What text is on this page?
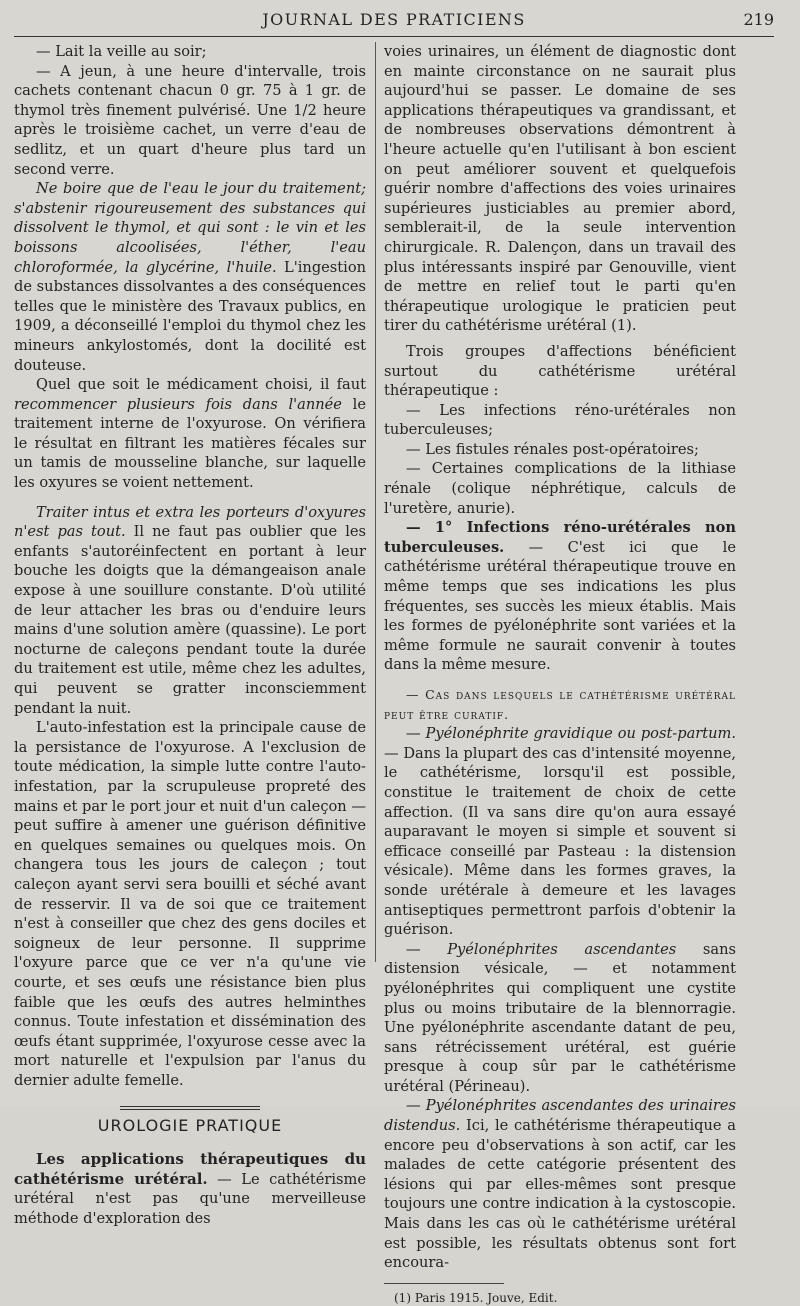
JOURNAL DES PRATICIENS	219

— Lait la veille au soir;

— A jeun, à une heure d'intervalle, trois cachets contenant chacun 0 gr. 75 à 1 gr. de thymol très finement pulvérisé. Une 1/2 heure après le troisième cachet, un verre d'eau de sedlitz, et un quart d'heure plus tard un second verre.

Ne boire que de l'eau le jour du traitement; s'abstenir rigoureusement des substances qui dissolvent le thymol, et qui sont : le vin et les boissons alcoolisées, l'éther, l'eau chloroformée, la glycérine, l'huile. L'ingestion de substances dissolvantes a des conséquences telles que le ministère des Travaux publics, en 1909, a déconseillé l'emploi du thymol chez les mineurs ankylostomés, dont la docilité est douteuse.

Quel que soit le médicament choisi, il faut recommencer plusieurs fois dans l'année le traitement interne de l'oxyurose. On vérifiera le résultat en filtrant les matières fécales sur un tamis de mousseline blanche, sur laquelle les oxyures se voient nettement.

Traiter intus et extra les porteurs d'oxyures n'est pas tout. Il ne faut pas oublier que les enfants s'autoréinfectent en portant à leur bouche les doigts que la démangeaison anale expose à une souillure constante. D'où utilité de leur attacher les bras ou d'enduire leurs mains d'une solution amère (quassine). Le port nocturne de caleçons pendant toute la durée du traitement est utile, même chez les adultes, qui peuvent se gratter inconsciemment pendant la nuit.

L'auto-infestation est la principale cause de la persistance de l'oxyurose. A l'exclusion de toute médication, la simple lutte contre l'auto-infestation, par la scrupuleuse propreté des mains et par le port jour et nuit d'un caleçon — peut suffire à amener une guérison définitive en quelques semaines ou quelques mois. On changera tous les jours de caleçon ; tout caleçon ayant servi sera bouilli et séché avant de resservir. Il va de soi que ce traitement n'est à conseiller que chez des gens dociles et soigneux de leur personne. Il supprime l'oxyure parce que ce ver n'a qu'une vie courte, et ses œufs une résistance bien plus faible que les œufs des autres helminthes connus. Toute infestation et dissémination des œufs étant supprimée, l'oxyurose cesse avec la mort naturelle et l'expulsion par l'anus du dernier adulte femelle.

UROLOGIE PRATIQUE

Les applications thérapeutiques du cathétérisme urétéral. — Le cathétérisme urétéral n'est pas qu'une merveilleuse méthode d'exploration des

voies urinaires, un élément de diagnostic dont en mainte circonstance on ne saurait plus aujourd'hui se passer. Le domaine de ses applications thérapeutiques va grandissant, et de nombreuses observations démontrent à l'heure actuelle qu'en l'utilisant à bon escient on peut améliorer souvent et quelquefois guérir nombre d'affections des voies urinaires supérieures justiciables au premier abord, semblerait-il, de la seule intervention chirurgicale. R. Dalençon, dans un travail des plus intéressants inspiré par Genouville, vient de mettre en relief tout le parti qu'en thérapeutique urologique le praticien peut tirer du cathétérisme urétéral (1).

Trois groupes d'affections bénéficient surtout du cathétérisme urétéral thérapeutique :

— Les infections réno-urétérales non tuberculeuses;

— Les fistules rénales post-opératoires;

— Certaines complications de la lithiase rénale (colique néphrétique, calculs de l'uretère, anurie).

— 1° Infections réno-urétérales non tuberculeuses. — C'est ici que le cathétérisme urétéral thérapeutique trouve en même temps que ses indications les plus fréquentes, ses succès les mieux établis. Mais les formes de pyélonéphrite sont variées et la même formule ne saurait convenir à toutes dans la même mesure.

— Cas dans lesquels le cathétérisme urétéral peut être curatif.

— Pyélonéphrite gravidique ou post-partum. — Dans la plupart des cas d'intensité moyenne, le cathétérisme, lorsqu'il est possible, constitue le traitement de choix de cette affection. (Il va sans dire qu'on aura essayé auparavant le moyen si simple et souvent si efficace conseillé par Pasteau : la distension vésicale). Même dans les formes graves, la sonde urétérale à demeure et les lavages antiseptiques permettront parfois d'obtenir la guérison.

— Pyélonéphrites ascendantes sans distension vésicale, — et notamment pyélonéphrites qui compliquent une cystite plus ou moins tributaire de la blennorragie. Une pyélonéphrite ascendante datant de peu, sans rétrécissement urétéral, est guérie presque à coup sûr par le cathétérisme urétéral (Périneau).

— Pyélonéphrites ascendantes des urinaires distendus. Ici, le cathétérisme thérapeutique a encore peu d'observations à son actif, car les malades de cette catégorie présentent des lésions qui par elles-mêmes sont presque toujours une contre indication à la cystoscopie. Mais dans les cas où le cathétérisme urétéral est possible, les résultats obtenus sont fort encoura-

(1) Paris 1915. Jouve, Edit.
